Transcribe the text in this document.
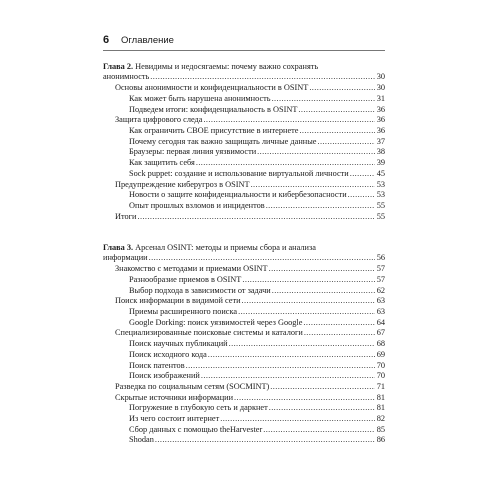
6	Оглавление
Глава 2. Невидимы и недосягаемы: почему важно сохранять
анонимность .....	30
Основы анонимности и конфиденциальности в OSINT .....	30
Как может быть нарушена анонимность .....	31
Подведем итоги: конфиденциальность в OSINT .....	36
Защита цифрового следа .....	36
Как ограничить СВОЕ присутствие в интернете .....	36
Почему сегодня так важно защищать личные данные .....	37
Браузеры: первая линия уязвимости .....	38
Как защитить себя .....	39
Sock puppet: создание и использование виртуальной личности .....	45
Предупреждение киберугроз в OSINT .....	53
Новости о защите конфиденциальности и кибербезопасности .....	53
Опыт прошлых взломов и инцидентов .....	55
Итоги .....	55
Глава 3. Арсенал OSINT: методы и приемы сбора и анализа
информации .....	56
Знакомство с методами и приемами OSINT .....	57
Разнообразие приемов в OSINT .....	57
Выбор подхода в зависимости от задачи .....	62
Поиск информации в видимой сети .....	63
Приемы расширенного поиска .....	63
Google Dorking: поиск уязвимостей через Google .....	64
Специализированные поисковые системы и каталоги .....	67
Поиск научных публикаций .....	68
Поиск исходного кода .....	69
Поиск патентов .....	70
Поиск изображений .....	70
Разведка по социальным сетям (SOCMINT) .....	71
Скрытые источники информации .....	81
Погружение в глубокую сеть и даркнет .....	81
Из чего состоит интернет .....	82
Сбор данных с помощью theHarvester .....	85
Shodan .....	86
